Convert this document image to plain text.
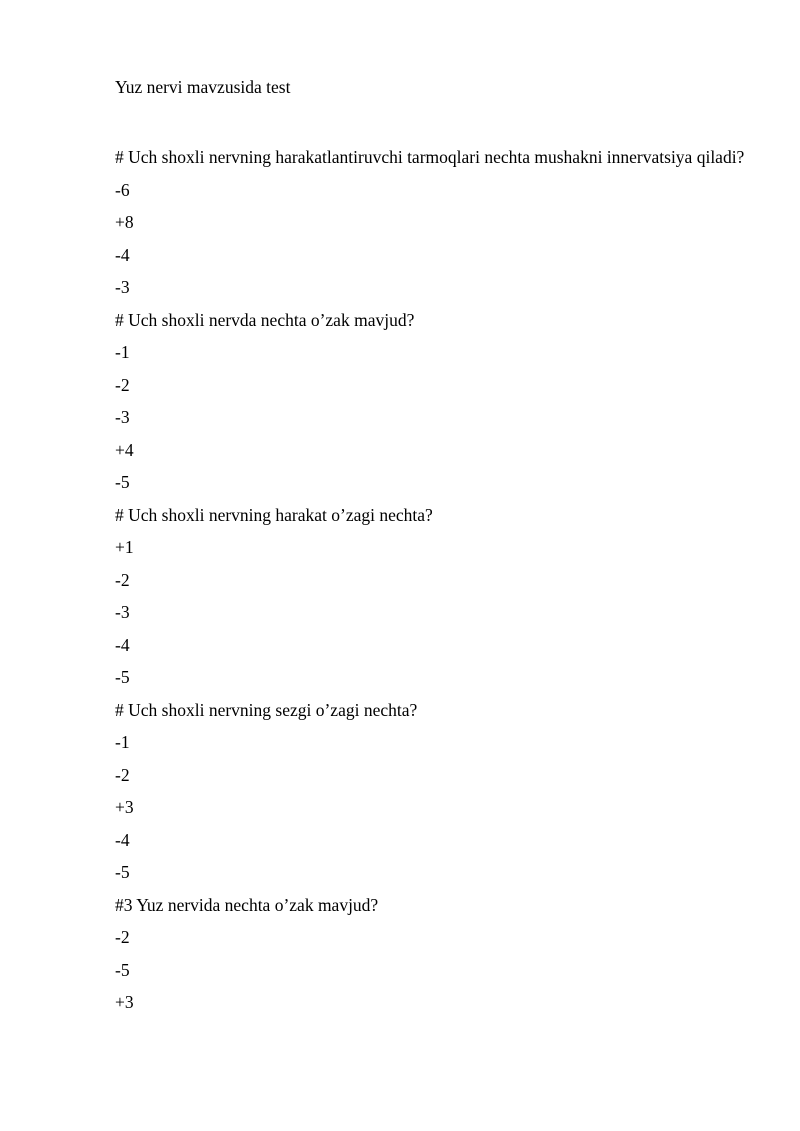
Yuz nervi mavzusida test
# Uch shoxli nervning harakatlantiruvchi tarmoqlari nechta mushakni innervatsiya qiladi?
-6
+8
-4
-3
# Uch shoxli nervda nechta o’zak mavjud?
-1
-2
-3
+4
-5
# Uch shoxli nervning harakat o’zagi nechta?
+1
-2
-3
-4
-5
# Uch shoxli nervning sezgi o’zagi nechta?
-1
-2
+3
-4
-5
#3 Yuz nervida nechta o’zak mavjud?
-2
-5
+3
